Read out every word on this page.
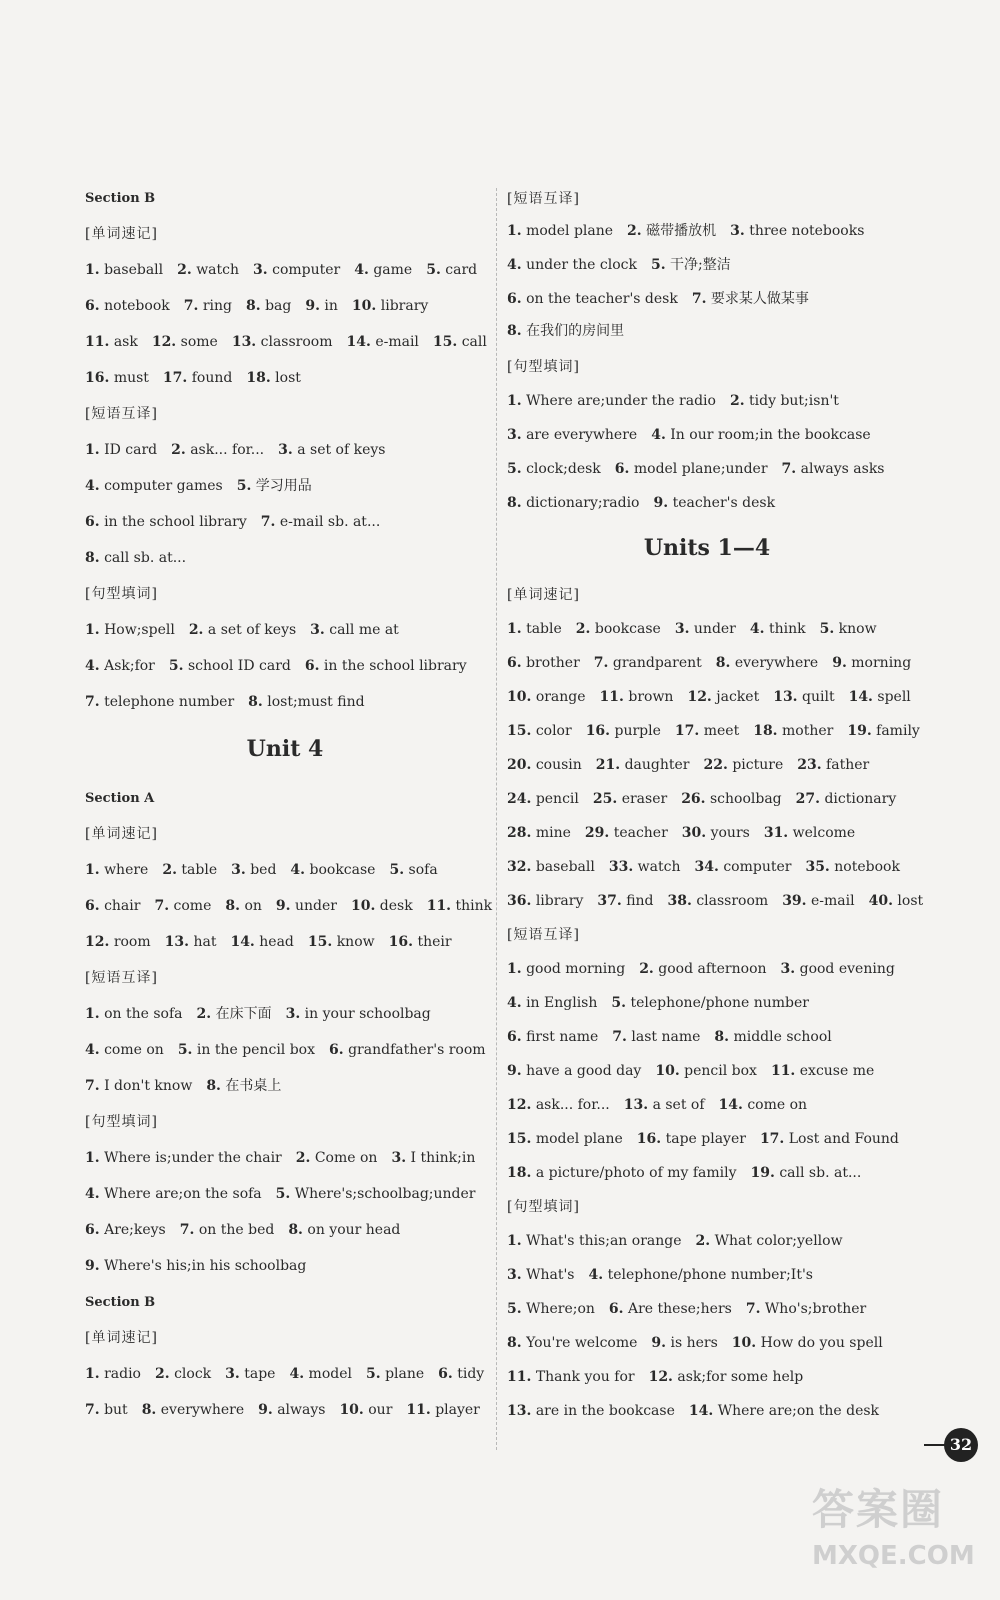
Section B
[单词速记]
1. baseball 2. watch 3. computer 4. game 5. card
6. notebook 7. ring 8. bag 9. in 10. library
11. ask 12. some 13. classroom 14. e-mail 15. call
16. must 17. found 18. lost
[短语互译]
1. ID card 2. ask... for... 3. a set of keys
4. computer games 5. 学习用品
6. in the school library 7. e-mail sb. at...
8. call sb. at...
[句型填词]
1. How;spell 2. a set of keys 3. call me at
4. Ask;for 5. school ID card 6. in the school library
7. telephone number 8. lost;must find
Unit 4
Section A
[单词速记]
1. where 2. table 3. bed 4. bookcase 5. sofa
6. chair 7. come 8. on 9. under 10. desk 11. think
12. room 13. hat 14. head 15. know 16. their
[短语互译]
1. on the sofa 2. 在床下面 3. in your schoolbag
4. come on 5. in the pencil box 6. grandfather's room
7. I don't know 8. 在书桌上
[句型填词]
1. Where is;under the chair 2. Come on 3. I think;in
4. Where are;on the sofa 5. Where's;schoolbag;under
6. Are;keys 7. on the bed 8. on your head
9. Where's his;in his schoolbag
Section B
[单词速记]
1. radio 2. clock 3. tape 4. model 5. plane 6. tidy
7. but 8. everywhere 9. always 10. our 11. player
[短语互译]
1. model plane 2. 磁带播放机 3. three notebooks
4. under the clock 5. 干净;整洁
6. on the teacher's desk 7. 要求某人做某事
8. 在我们的房间里
[句型填词]
1. Where are;under the radio 2. tidy but;isn't
3. are everywhere 4. In our room;in the bookcase
5. clock;desk 6. model plane;under 7. always asks
8. dictionary;radio 9. teacher's desk
Units 1—4
[单词速记]
1. table 2. bookcase 3. under 4. think 5. know
6. brother 7. grandparent 8. everywhere 9. morning
10. orange 11. brown 12. jacket 13. quilt 14. spell
15. color 16. purple 17. meet 18. mother 19. family
20. cousin 21. daughter 22. picture 23. father
24. pencil 25. eraser 26. schoolbag 27. dictionary
28. mine 29. teacher 30. yours 31. welcome
32. baseball 33. watch 34. computer 35. notebook
36. library 37. find 38. classroom 39. e-mail 40. lost
[短语互译]
1. good morning 2. good afternoon 3. good evening
4. in English 5. telephone/phone number
6. first name 7. last name 8. middle school
9. have a good day 10. pencil box 11. excuse me
12. ask... for... 13. a set of 14. come on
15. model plane 16. tape player 17. Lost and Found
18. a picture/photo of my family 19. call sb. at...
[句型填词]
1. What's this;an orange 2. What color;yellow
3. What's 4. telephone/phone number;It's
5. Where;on 6. Are these;hers 7. Who's;brother
8. You're welcome 9. is hers 10. How do you spell
11. Thank you for 12. ask;for some help
13. are in the bookcase 14. Where are;on the desk
32
答案圈
MXQE.COM
